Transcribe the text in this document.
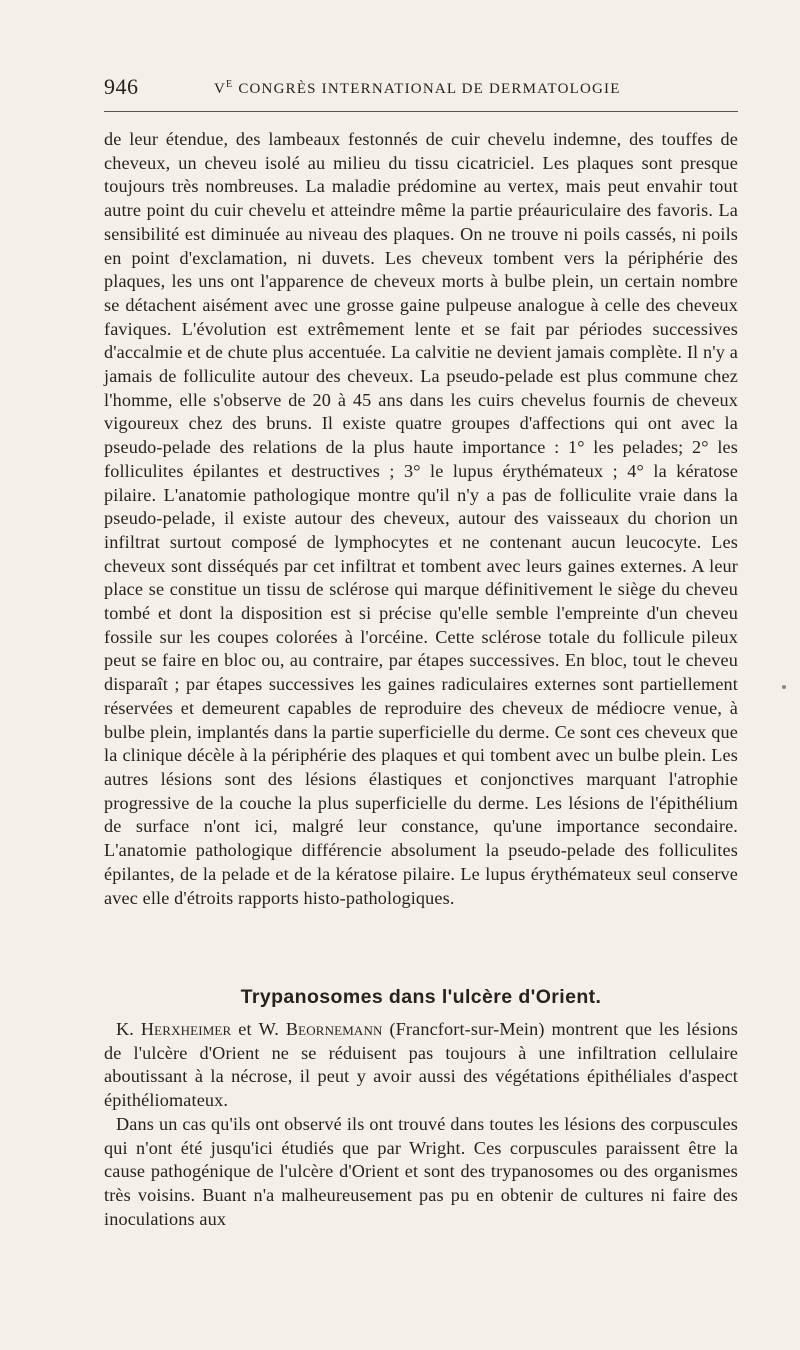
946	$V^E$ CONGRÈS INTERNATIONAL DE DERMATOLOGIE

de leur étendue, des lambeaux festonnés de cuir chevelu indemne, des touffes de cheveux, un cheveu isolé au milieu du tissu cicatriciel. Les plaques sont presque toujours très nombreuses. La maladie prédomine au vertex, mais peut envahir tout autre point du cuir chevelu et atteindre même la partie préauriculaire des favoris. La sensibilité est diminuée au niveau des plaques. On ne trouve ni poils cassés, ni poils en point d'exclamation, ni duvets. Les cheveux tombent vers la périphérie des plaques, les uns ont l'apparence de cheveux morts à bulbe plein, un certain nombre se détachent aisément avec une grosse gaine pulpeuse analogue à celle des cheveux faviques. L'évolution est extrêmement lente et se fait par périodes successives d'accalmie et de chute plus accentuée. La calvitie ne devient jamais complète. Il n'y a jamais de folliculite autour des cheveux. La pseudo-pelade est plus commune chez l'homme, elle s'observe de 20 à 45 ans dans les cuirs chevelus fournis de cheveux vigoureux chez des bruns. Il existe quatre groupes d'affections qui ont avec la pseudo-pelade des relations de la plus haute importance : 1° les pelades; 2° les folliculites épilantes et destructives ; 3° le lupus érythémateux ; 4° la kératose pilaire. L'anatomie pathologique montre qu'il n'y a pas de folliculite vraie dans la pseudo-pelade, il existe autour des cheveux, autour des vaisseaux du chorion un infiltrat surtout composé de lymphocytes et ne contenant aucun leucocyte. Les cheveux sont disséqués par cet infiltrat et tombent avec leurs gaines externes. A leur place se constitue un tissu de sclérose qui marque définitivement le siège du cheveu tombé et dont la disposition est si précise qu'elle semble l'empreinte d'un cheveu fossile sur les coupes colorées à l'orcéine. Cette sclérose totale du follicule pileux peut se faire en bloc ou, au contraire, par étapes successives. En bloc, tout le cheveu disparaît ; par étapes successives les gaines radiculaires externes sont partiellement réservées et demeurent capables de reproduire des cheveux de médiocre venue, à bulbe plein, implantés dans la partie superficielle du derme. Ce sont ces cheveux que la clinique décèle à la périphérie des plaques et qui tombent avec un bulbe plein. Les autres lésions sont des lésions élastiques et conjonctives marquant l'atrophie progressive de la couche la plus superficielle du derme. Les lésions de l'épithélium de surface n'ont ici, malgré leur constance, qu'une importance secondaire. L'anatomie pathologique différencie absolument la pseudo-pelade des folliculites épilantes, de la pelade et de la kératose pilaire. Le lupus érythémateux seul conserve avec elle d'étroits rapports histo-pathologiques.

Trypanosomes dans l'ulcère d'Orient.

K. Herxheimer et W. Beornemann (Francfort-sur-Mein) montrent que les lésions de l'ulcère d'Orient ne se réduisent pas toujours à une infiltration cellulaire aboutissant à la nécrose, il peut y avoir aussi des végétations épithéliales d'aspect épithéliomateux.

Dans un cas qu'ils ont observé ils ont trouvé dans toutes les lésions des corpuscules qui n'ont été jusqu'ici étudiés que par Wright. Ces corpuscules paraissent être la cause pathogénique de l'ulcère d'Orient et sont des trypanosomes ou des organismes très voisins. Buant n'a malheureusement pas pu en obtenir de cultures ni faire des inoculations aux
